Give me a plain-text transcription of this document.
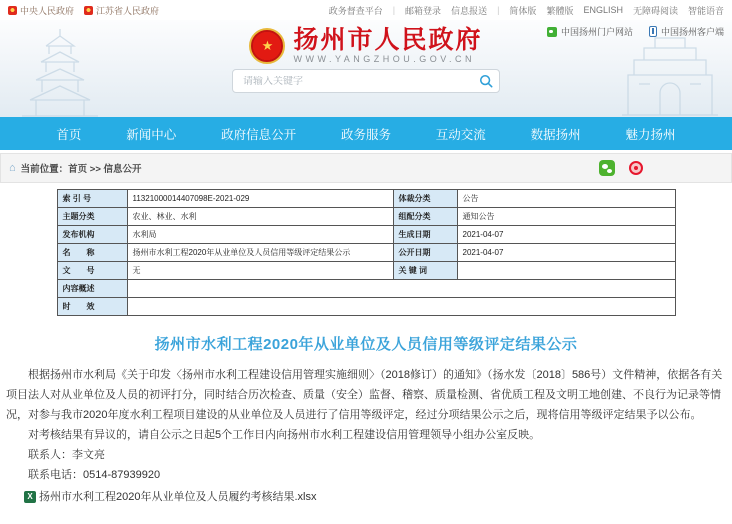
中央人民政府 江苏省人民政府	政务督查平台 | 邮箱登录 信息报送 | 简体版 繁體版 ENGLISH 无障碍阅读 智能语音
中国扬州门户网站	中国扬州客户端
★ 扬州市人民政府
WWW.YANGZHOU.GOV.CN
请输入关键字
首页	新闻中心	政府信息公开	政务服务	互动交流	数据扬州	魅力扬州
⌂ 当前位置：首页 >> 信息公开
索 引 号	11321000014407098E-2021-029	体裁分类	公告
主题分类	农业、林业、水利	组配分类	通知公告
发布机构	水利局	生成日期	2021-04-07
名　　称	扬州市水利工程2020年从业单位及人员信用等级评定结果公示	公开日期	2021-04-07
文　　号	无	关 键 词	
内容概述			
时　　效			
扬州市水利工程2020年从业单位及人员信用等级评定结果公示

根据扬州市水利局《关于印发〈扬州市水利工程建设信用管理实施细则〉（2018修订）的通知》（扬水发〔2018〕586号）文件精神，依据各有关项目法人对从业单位及人员的初评打分，同时结合历次检查、质量（安全）监督、稽察、质量检测、省优质工程及文明工地创建、不良行为记录等情况，对参与我市2020年度水利工程项目建设的从业单位及人员进行了信用等级评定，经过分项结果公示之后，现将信用等级评定结果予以公布。

对考核结果有异议的，请自公示之日起5个工作日内向扬州市水利工程建设信用管理领导小组办公室反映。

联系人：李文亮

联系电话：0514-87939920

X 扬州市水利工程2020年从业单位及人员履约考核结果.xlsx
